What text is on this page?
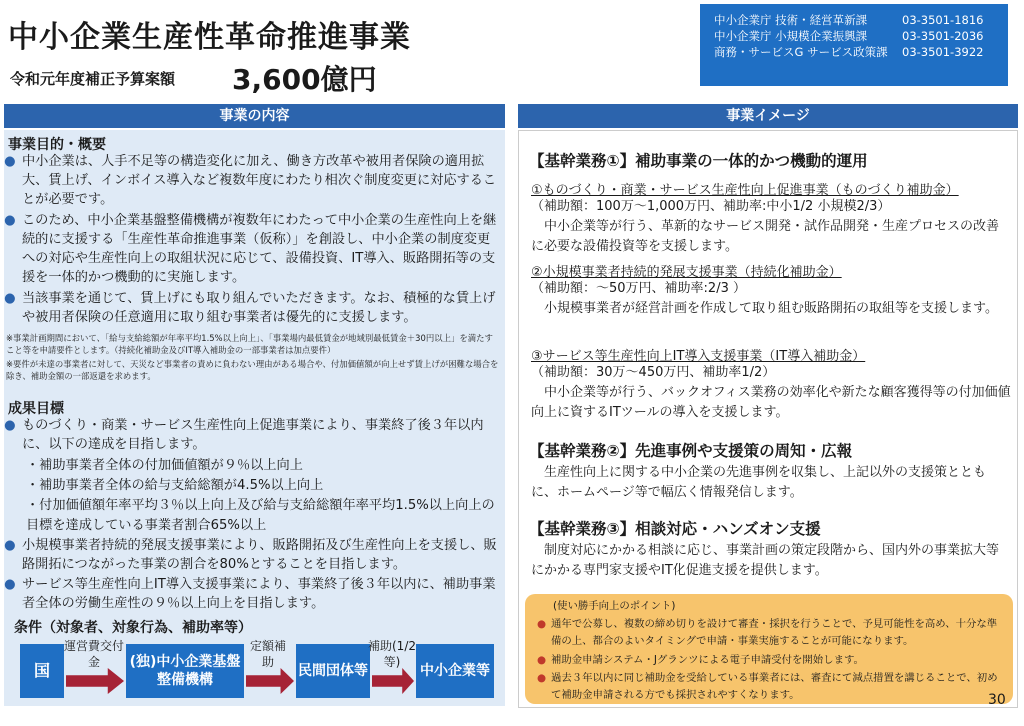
中小企業生産性革命推進事業
令和元年度補正予算案額 3,600億円
中小企業庁 技術・経営革新課	03-3501-1816
中小企業庁 小規模企業振興課	03-3501-2036
商務・サービスG サービス政策課	03-3501-3922
事業の内容	事業イメージ
事業目的・概要
● 中小企業は、人手不足等の構造変化に加え、働き方改革や被用者保険の適用拡大、賃上げ、インボイス導入など複数年度にわたり相次ぐ制度変更に対応することが必要です。
● このため、中小企業基盤整備機構が複数年にわたって中小企業の生産性向上を継続的に支援する「生産性革命推進事業（仮称）」を創設し、中小企業の制度変更への対応や生産性向上の取組状況に応じて、設備投資、IT導入、販路開拓等の支援を一体的かつ機動的に実施します。
● 当該事業を通じて、賃上げにも取り組んでいただきます。なお、積極的な賃上げや被用者保険の任意適用に取り組む事業者は優先的に支援します。
※事業計画期間において、「給与支給総額が年率平均1.5%以上向上」、「事業場内最低賃金が地域別最低賃金＋30円以上」を満たすこと等を申請要件とします。（持続化補助金及びIT導入補助金の一部事業者は加点要件）
※要件が未達の事業者に対して、天災など事業者の責めに負わない理由がある場合や、付加価値額が向上せず賃上げが困難な場合を除き、補助金額の一部返還を求めます。
成果目標
● ものづくり・商業・サービス生産性向上促進事業により、事業終了後３年以内に、以下の達成を目指します。
・補助事業者全体の付加価値額が９％以上向上
・補助事業者全体の給与支給総額が4.5%以上向上
・付加価値額年率平均３％以上向上及び給与支給総額年率平均1.5%以上向上の目標を達成している事業者割合65%以上
● 小規模事業者持続的発展支援事業により、販路開拓及び生産性向上を支援し、販路開拓につながった事業の割合を80%とすることを目指します。
● サービス等生産性向上IT導入支援事業により、事業終了後３年以内に、補助事業者全体の労働生産性の９％以上向上を目指します。
条件（対象者、対象行為、補助率等）
国
運営費交付金	(独)中小企業基盤整備機構
定額補助
民間団体等
補助(1/2等)
中小企業等
【基幹業務①】補助事業の一体的かつ機動的運用
①ものづくり・商業・サービス生産性向上促進事業（ものづくり補助金）
（補助額：100万～1,000万円、補助率:中小1/2 小規模2/3）
中小企業等が行う、革新的なサービス開発・試作品開発・生産プロセスの改善に必要な設備投資等を支援します。
②小規模事業者持続的発展支援事業（持続化補助金）
（補助額：～50万円、補助率:2/3 ）
小規模事業者が経営計画を作成して取り組む販路開拓の取組等を支援します。
③サービス等生産性向上IT導入支援事業（IT導入補助金）
（補助額：30万～450万円、補助率1/2）
中小企業等が行う、バックオフィス業務の効率化や新たな顧客獲得等の付加価値向上に資するITツールの導入を支援します。
【基幹業務②】先進事例や支援策の周知・広報
生産性向上に関する中小企業の先進事例を収集し、上記以外の支援策とともに、ホームページ等で幅広く情報発信します。
【基幹業務③】相談対応・ハンズオン支援
制度対応にかかる相談に応じ、事業計画の策定段階から、国内外の事業拡大等にかかる専門家支援やIT化促進支援を提供します。
(使い勝手向上のポイント)
● 通年で公募し、複数の締め切りを設けて審査・採択を行うことで、予見可能性を高め、十分な準備の上、都合のよいタイミングで申請・事業実施することが可能になります。
● 補助金申請システム・Jグランツによる電子申請受付を開始します。
● 過去３年以内に同じ補助金を受給している事業者には、審査にて減点措置を講じることで、初めて補助金申請される方でも採択されやすくなります。	30
